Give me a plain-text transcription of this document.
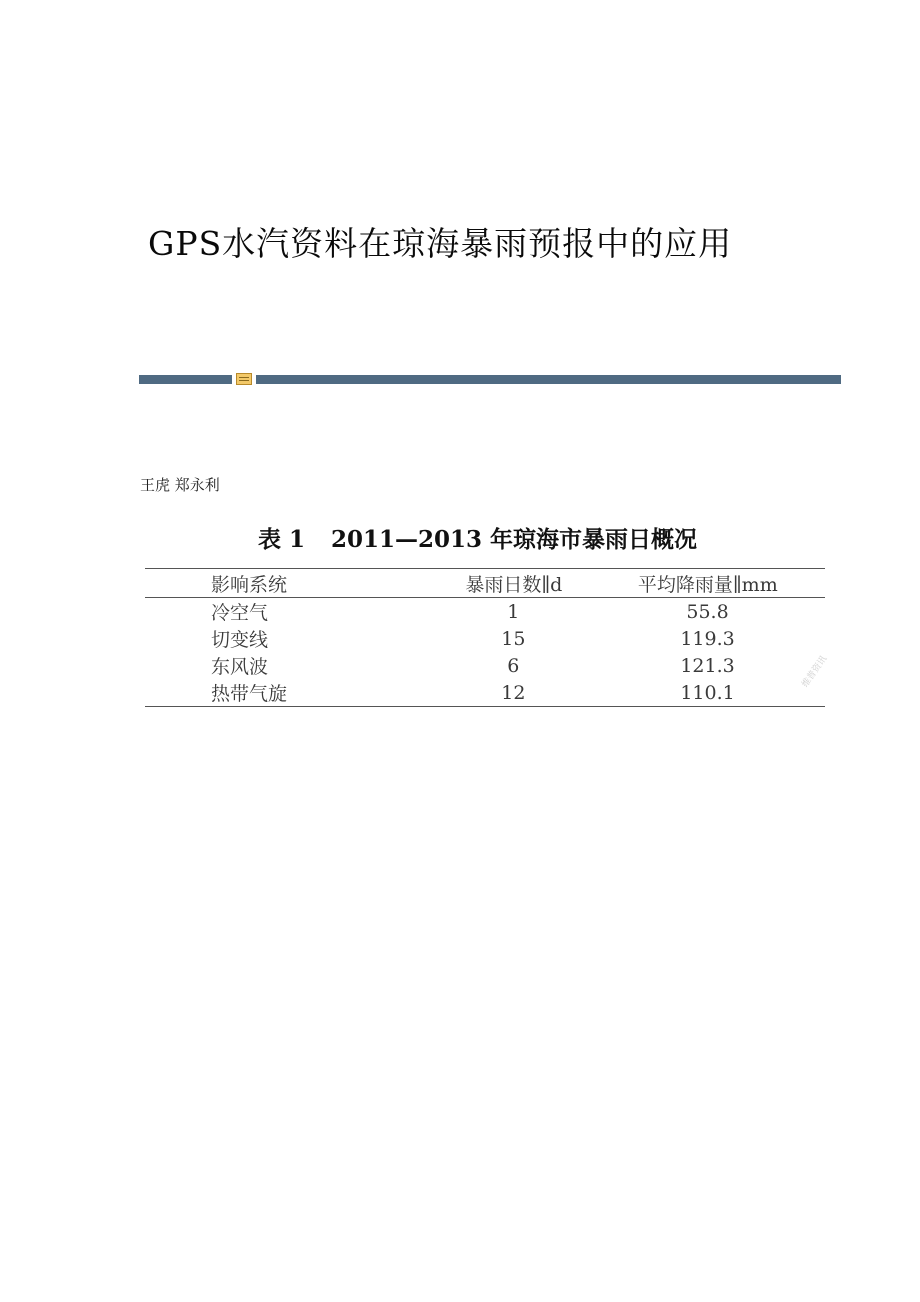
GPS水汽资料在琼海暴雨预报中的应用
王虎 郑永利
表 1 2011—2013 年琼海市暴雨日概况
影响系统	暴雨日数∥d	平均降雨量∥mm
冷空气	1	55.8
切变线	15	119.3
东风波	6	121.3
热带气旋	12	110.1
维普资讯
